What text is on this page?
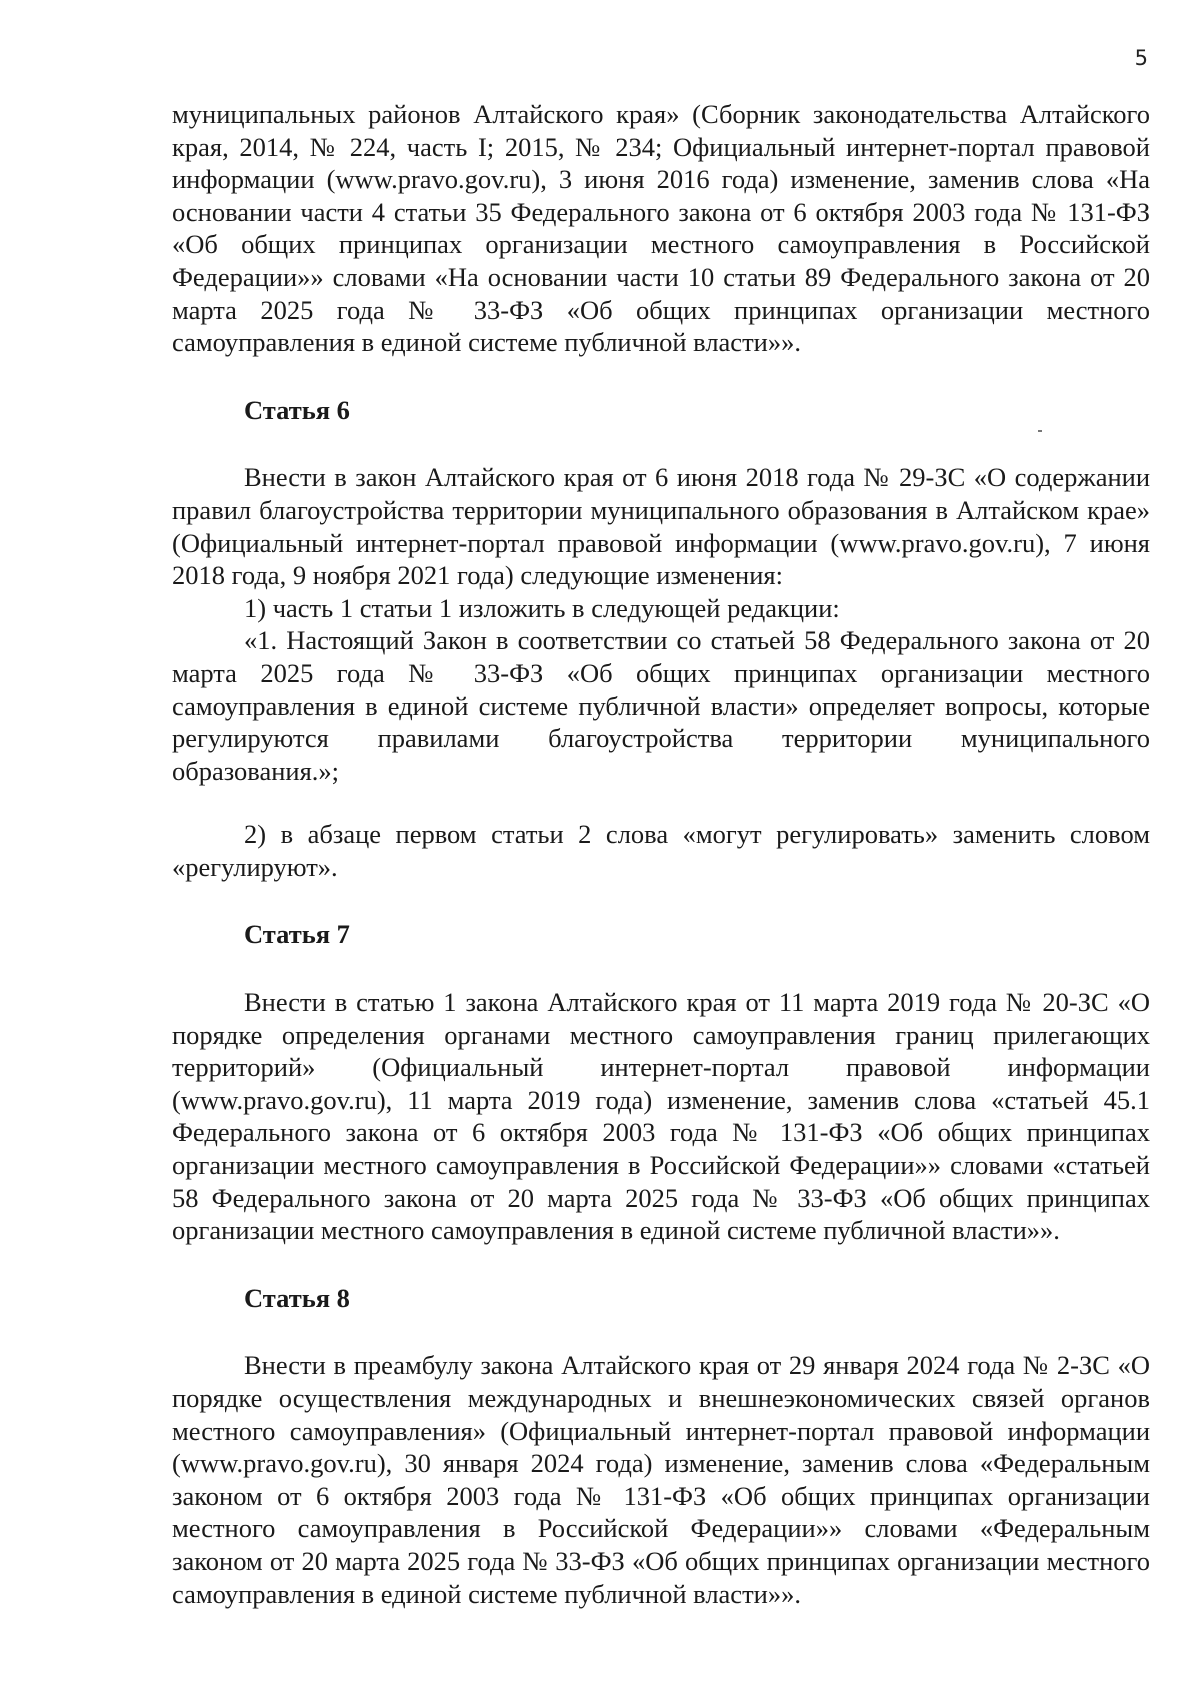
5

муниципальных районов Алтайского края» (Сборник законодательства Алтайского края, 2014, № 224, часть I; 2015, № 234; Официальный интернет-портал правовой информации (www.pravo.gov.ru), 3 июня 2016 года) изменение, заменив слова «На основании части 4 статьи 35 Федерального закона от 6 октября 2003 года № 131-ФЗ «Об общих принципах организации местного самоуправления в Российской Федерации»» словами «На основании части 10 статьи 89 Федерального закона от 20 марта 2025 года № 33-ФЗ «Об общих принципах организации местного самоуправления в единой системе публичной власти»».

Статья 6

Внести в закон Алтайского края от 6 июня 2018 года № 29-ЗС «О содержании правил благоустройства территории муниципального образования в Алтайском крае» (Официальный интернет-портал правовой информации (www.pravo.gov.ru), 7 июня 2018 года, 9 ноября 2021 года) следующие изменения:

1) часть 1 статьи 1 изложить в следующей редакции:

«1. Настоящий Закон в соответствии со статьей 58 Федерального закона от 20 марта 2025 года № 33-ФЗ «Об общих принципах организации местного самоуправления в единой системе публичной власти» определяет вопросы, которые регулируются правилами благоустройства территории муниципального образования.»;

2) в абзаце первом статьи 2 слова «могут регулировать» заменить словом «регулируют».

Статья 7

Внести в статью 1 закона Алтайского края от 11 марта 2019 года № 20-ЗС «О порядке определения органами местного самоуправления границ прилегающих территорий» (Официальный интернет-портал правовой информации (www.pravo.gov.ru), 11 марта 2019 года) изменение, заменив слова «статьей 45.1 Федерального закона от 6 октября 2003 года № 131-ФЗ «Об общих принципах организации местного самоуправления в Российской Федерации»» словами «статьей 58 Федерального закона от 20 марта 2025 года № 33-ФЗ «Об общих принципах организации местного самоуправления в единой системе публичной власти»».

Статья 8

Внести в преамбулу закона Алтайского края от 29 января 2024 года № 2-ЗС «О порядке осуществления международных и внешнеэкономических связей органов местного самоуправления» (Официальный интернет-портал правовой информации (www.pravo.gov.ru), 30 января 2024 года) изменение, заменив слова «Федеральным законом от 6 октября 2003 года № 131-ФЗ «Об общих принципах организации местного самоуправления в Российской Федерации»» словами «Федеральным законом от 20 марта 2025 года № 33-ФЗ «Об общих принципах организации местного самоуправления в единой системе публичной власти»».
